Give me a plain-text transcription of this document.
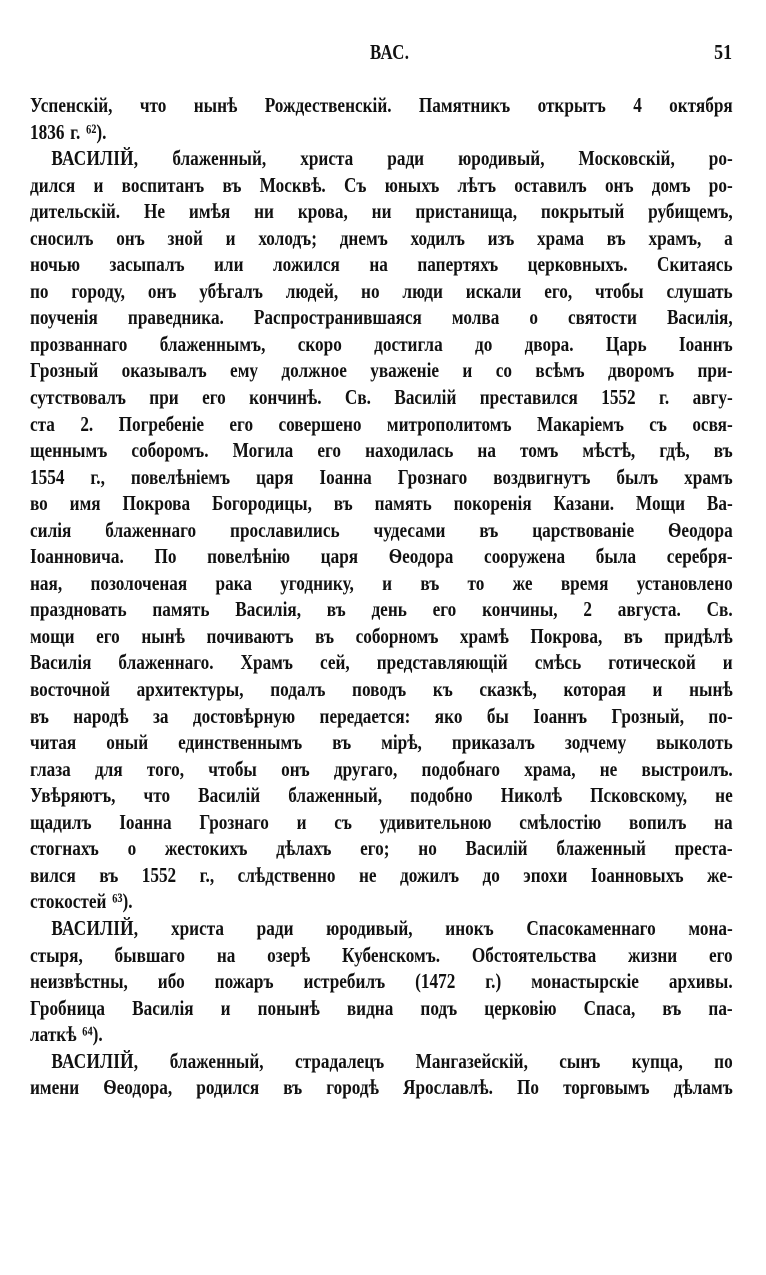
ВАС.	51
Успенскій, что нынѣ Рождественскій. Памятникъ открытъ 4 октября
1836 г. ⁶²).
ВАСИЛІЙ, блаженный, христа ради юродивый, Московскій, ро-
дился и воспитанъ въ Москвѣ. Съ юныхъ лѣтъ оставилъ онъ домъ ро-
дительскій. Не имѣя ни крова, ни пристанища, покрытый рубищемъ,
сносилъ онъ зной и холодъ; днемъ ходилъ изъ храма въ храмъ, а
ночью засыпалъ или ложился на папертяхъ церковныхъ. Скитаясь
по городу, онъ убѣгалъ людей, но люди искали его, чтобы слушать
поученія праведника. Распространившаяся молва о святости Василія,
прозваннаго блаженнымъ, скоро достигла до двора. Царь Іоаннъ
Грозный оказывалъ ему должное уваженіе и со всѣмъ дворомъ при-
сутствовалъ при его кончинѣ. Св. Василій преставился 1552 г. авгу-
ста 2. Погребеніе его совершено митрополитомъ Макаріемъ съ освя-
щеннымъ соборомъ. Могила его находилась на томъ мѣстѣ, гдѣ, въ
1554 г., повелѣніемъ царя Іоанна Грознаго воздвигнутъ былъ храмъ
во имя Покрова Богородицы, въ память покоренія Казани. Мощи Ва-
силія блаженнаго прославились чудесами въ царствованіе Ѳеодора
Іоанновича. По повелѣнію царя Ѳеодора сооружена была серебря-
ная, позолоченая рака угоднику, и въ то же время установлено
праздновать память Василія, въ день его кончины, 2 августа. Св.
мощи его нынѣ почиваютъ въ соборномъ храмѣ Покрова, въ придѣлѣ
Василія блаженнаго. Храмъ сей, представляющій смѣсь готической и
восточной архитектуры, подалъ поводъ къ сказкѣ, которая и нынѣ
въ народѣ за достовѣрную передается: яко бы Іоаннъ Грозный, по-
читая оный единственнымъ въ мірѣ, приказалъ зодчему выколоть
глаза для того, чтобы онъ другаго, подобнаго храма, не выстроилъ.
Увѣряютъ, что Василій блаженный, подобно Николѣ Псковскому, не
щадилъ Іоанна Грознаго и съ удивительною смѣлостію вопилъ на
стогнахъ о жестокихъ дѣлахъ его; но Василій блаженный преста-
вился въ 1552 г., слѣдственно не дожилъ до эпохи Іоанновыхъ же-
стокостей ⁶³).
ВАСИЛІЙ, христа ради юродивый, инокъ Спасокаменнаго мона-
стыря, бывшаго на озерѣ Кубенскомъ. Обстоятельства жизни его
неизвѣстны, ибо пожаръ истребилъ (1472 г.) монастырскіе архивы.
Гробница Василія и понынѣ видна подъ церковію Спаса, въ па-
латкѣ ⁶⁴).
ВАСИЛІЙ, блаженный, страдалецъ Мангазейскій, сынъ купца, по
имени Ѳеодора, родился въ городѣ Ярославлѣ. По торговымъ дѣламъ
